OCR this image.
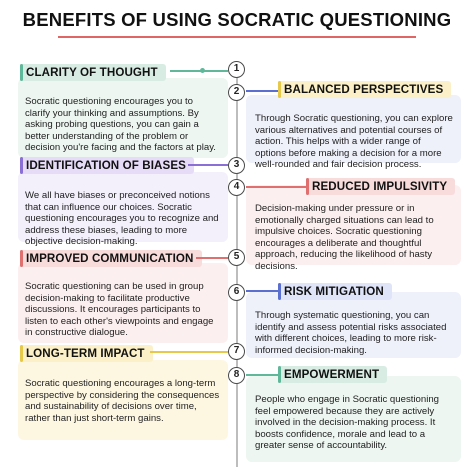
BENEFITS OF USING SOCRATIC QUESTIONING

Socratic questioning encourages you to clarify your thinking and assumptions. By asking probing questions, you can gain a better understanding of the problem or decision you're facing and the factors at play.

CLARITY OF THOUGHT	1

Through Socratic questioning, you can explore various alternatives and potential courses of action. This helps with a wider range of options before making a decision for a more well-rounded and fair decision process.

BALANCED PERSPECTIVES
2

We all have biases or preconceived notions that can influence our choices. Socratic questioning encourages you to recognize and address these biases, leading to more objective decision-making.

IDENTIFICATION OF BIASES	3

Decision-making under pressure or in emotionally charged situations can lead to impulsive choices. Socratic questioning encourages a deliberate and thoughtful approach, reducing the likelihood of hasty decisions.

REDUCED IMPULSIVITY
4

Socratic questioning can be used in group decision-making to facilitate productive discussions. It encourages participants to listen to each other's viewpoints and engage in constructive dialogue.

IMPROVED COMMUNICATION	5

Through systematic questioning, you can identify and assess potential risks associated with different choices, leading to more risk-informed decision-making.

RISK MITIGATION
6

Socratic questioning encourages a long-term perspective by considering the consequences and sustainability of decisions over time, rather than just short-term gains.

LONG-TERM IMPACT	7

People who engage in Socratic questioning feel empowered because they are actively involved in the decision-making process. It boosts confidence, morale and lead to a greater sense of accountability.

EMPOWERMENT
8
